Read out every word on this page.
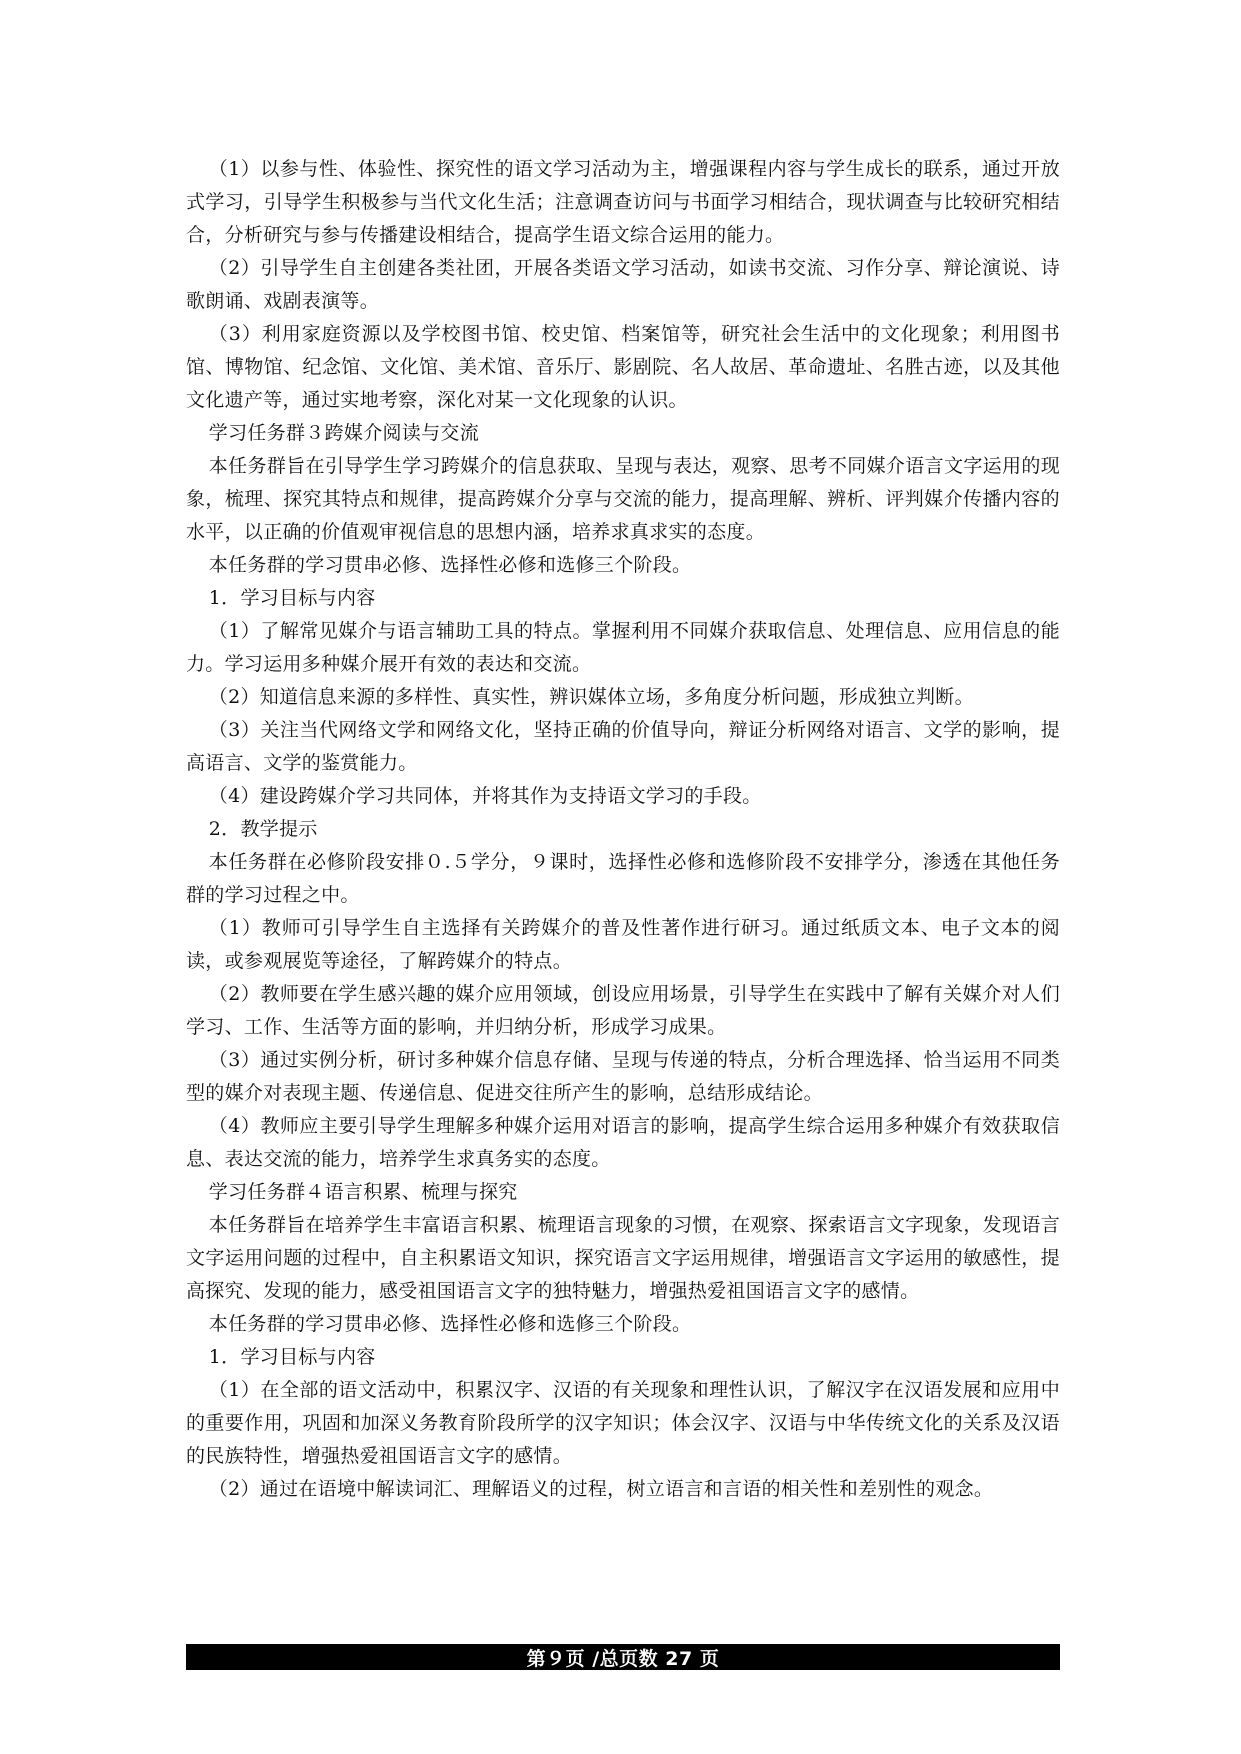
（1）以参与性、体验性、探究性的语文学习活动为主，增强课程内容与学生成长的联系，通过开放式学习，引导学生积极参与当代文化生活；注意调查访问与书面学习相结合，现状调查与比较研究相结合，分析研究与参与传播建设相结合，提高学生语文综合运用的能力。

（2）引导学生自主创建各类社团，开展各类语文学习活动，如读书交流、习作分享、辩论演说、诗歌朗诵、戏剧表演等。

（3）利用家庭资源以及学校图书馆、校史馆、档案馆等，研究社会生活中的文化现象；利用图书馆、博物馆、纪念馆、文化馆、美术馆、音乐厅、影剧院、名人故居、革命遗址、名胜古迹，以及其他文化遗产等，通过实地考察，深化对某一文化现象的认识。

学习任务群３跨媒介阅读与交流

本任务群旨在引导学生学习跨媒介的信息获取、呈现与表达，观察、思考不同媒介语言文字运用的现象，梳理、探究其特点和规律，提高跨媒介分享与交流的能力，提高理解、辨析、评判媒介传播内容的水平，以正确的价值观审视信息的思想内涵，培养求真求实的态度。

本任务群的学习贯串必修、选择性必修和选修三个阶段。

1．学习目标与内容

（1）了解常见媒介与语言辅助工具的特点。掌握利用不同媒介获取信息、处理信息、应用信息的能力。学习运用多种媒介展开有效的表达和交流。

（2）知道信息来源的多样性、真实性，辨识媒体立场，多角度分析问题，形成独立判断。

（3）关注当代网络文学和网络文化，坚持正确的价值导向，辩证分析网络对语言、文学的影响，提高语言、文学的鉴赏能力。

（4）建设跨媒介学习共同体，并将其作为支持语文学习的手段。

2．教学提示

本任务群在必修阶段安排０.５学分，９课时，选择性必修和选修阶段不安排学分，渗透在其他任务群的学习过程之中。

（1）教师可引导学生自主选择有关跨媒介的普及性著作进行研习。通过纸质文本、电子文本的阅读，或参观展览等途径，了解跨媒介的特点。

（2）教师要在学生感兴趣的媒介应用领域，创设应用场景，引导学生在实践中了解有关媒介对人们学习、工作、生活等方面的影响，并归纳分析，形成学习成果。

（3）通过实例分析，研讨多种媒介信息存储、呈现与传递的特点，分析合理选择、恰当运用不同类型的媒介对表现主题、传递信息、促进交往所产生的影响，总结形成结论。

（4）教师应主要引导学生理解多种媒介运用对语言的影响，提高学生综合运用多种媒介有效获取信息、表达交流的能力，培养学生求真务实的态度。

学习任务群４语言积累、梳理与探究

本任务群旨在培养学生丰富语言积累、梳理语言现象的习惯，在观察、探索语言文字现象，发现语言文字运用问题的过程中，自主积累语文知识，探究语言文字运用规律，增强语言文字运用的敏感性，提高探究、发现的能力，感受祖国语言文字的独特魅力，增强热爱祖国语言文字的感情。

本任务群的学习贯串必修、选择性必修和选修三个阶段。

1．学习目标与内容

（1）在全部的语文活动中，积累汉字、汉语的有关现象和理性认识，了解汉字在汉语发展和应用中的重要作用，巩固和加深义务教育阶段所学的汉字知识；体会汉字、汉语与中华传统文化的关系及汉语的民族特性，增强热爱祖国语言文字的感情。

（2）通过在语境中解读词汇、理解语义的过程，树立语言和言语的相关性和差别性的观念。

第９页 /总页数 27 页
